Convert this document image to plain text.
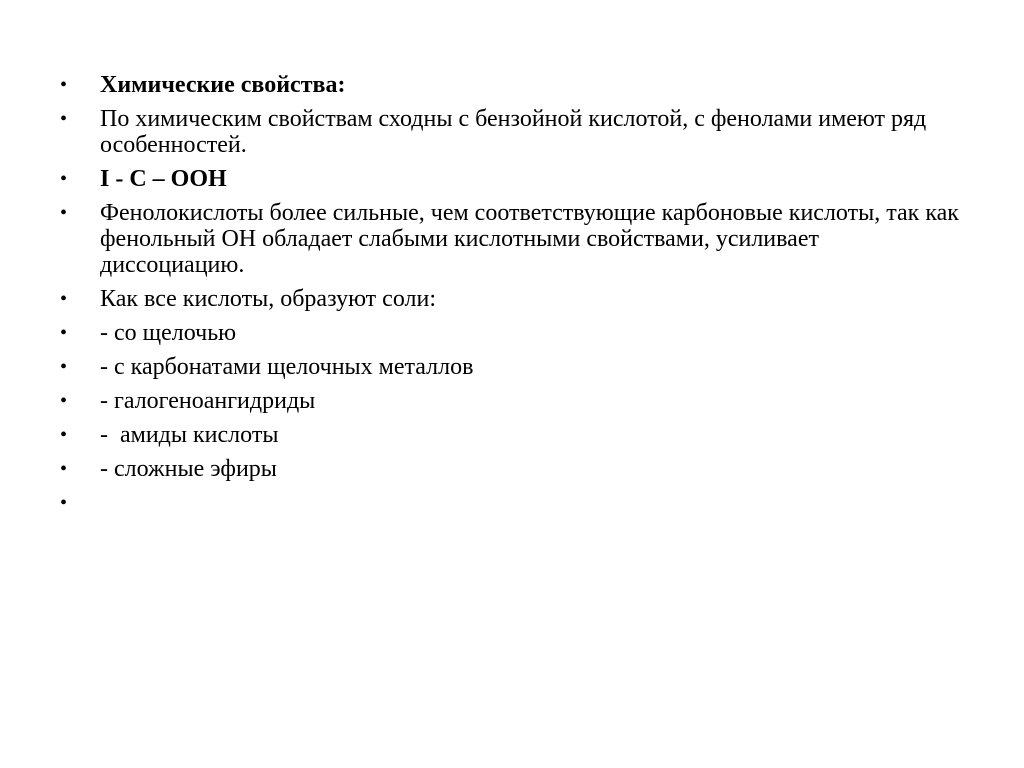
• Химические свойства:
• По химическим свойствам сходны с бензойной кислотой, с фенолами имеют ряд особенностей.
• I - C – OOH
• Фенолокислоты более сильные, чем соответствующие карбоновые кислоты, так как фенольный ОН обладает слабыми кислотными свойствами, усиливает диссоциацию.
• Как все кислоты, образуют соли:
• - со щелочью
• - с карбонатами щелочных металлов
• - галогеноангидриды
• -  амиды кислоты
• - сложные эфиры
•
